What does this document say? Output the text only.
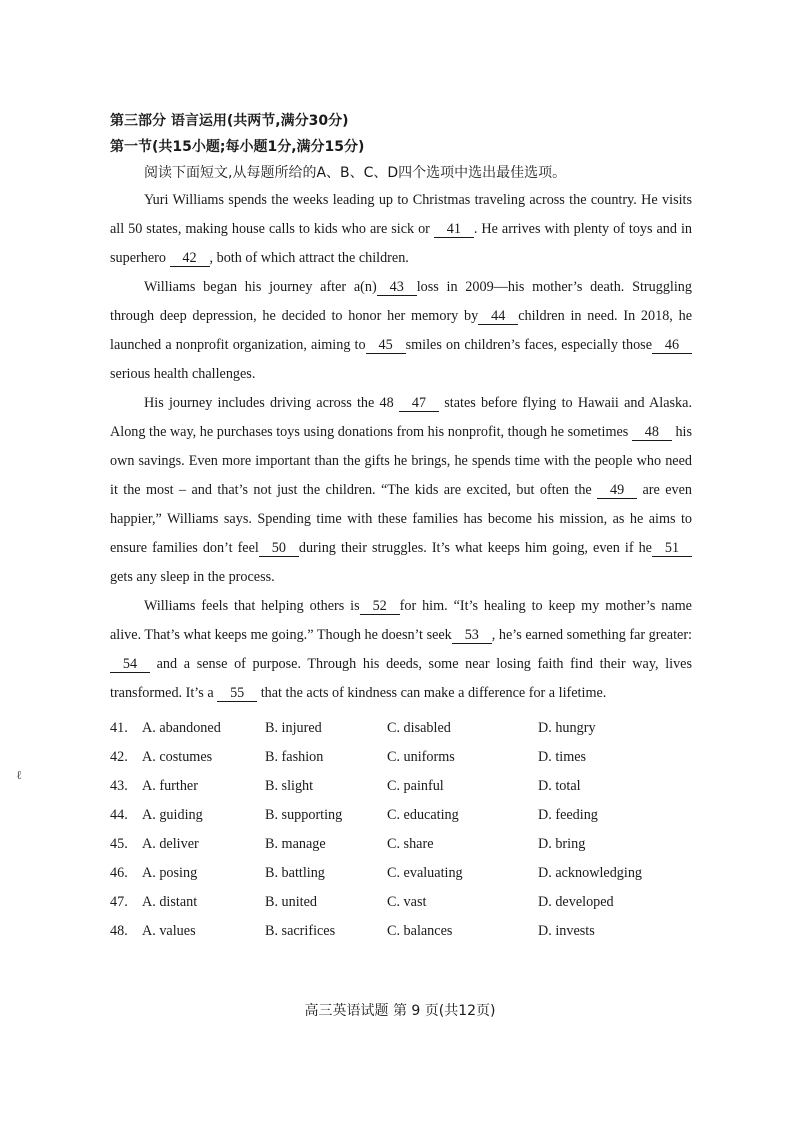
第三部分 语言运用(共两节,满分30分)

第一节(共15小题;每小题1分,满分15分)

阅读下面短文,从每题所给的A、B、C、D四个选项中选出最佳选项。

Yuri Williams spends the weeks leading up to Christmas traveling across the country. He visits all 50 states, making house calls to kids who are sick or 41 . He arrives with plenty of toys and in superhero 42 , both of which attract the children.

Williams began his journey after a(n) 43 loss in 2009—his mother’s death. Struggling through deep depression, he decided to honor her memory by 44 children in need. In 2018, he launched a nonprofit organization, aiming to 45 smiles on children’s faces, especially those 46serious health challenges.

His journey includes driving across the 48 47 states before flying to Hawaii and Alaska. Along the way, he purchases toys using donations from his nonprofit, though he sometimes 48 his own savings. Even more important than the gifts he brings, he spends time with the people who need it the most – and that’s not just the children. “The kids are excited, but often the 49 are even happier,” Williams says. Spending time with these families has become his mission, as he aims to ensure families don’t feel 50 during their struggles. It’s what keeps him going, even if he 51gets any sleep in the process.

Williams feels that helping others is 52 for him. “It’s healing to keep my mother’s name alive. That’s what keeps me going.” Though he doesn’t seek 53 , he’s earned something far greater: 54 and a sense of purpose. Through his deeds, some near losing faith find their way, lives transformed. It’s a 55 that the acts of kindness can make a difference for a lifetime.

41.	A. abandoned	B. injured	C. disabled	D. hungry
42.	A. costumes	B. fashion	C. uniforms	D. times
43.	A. further	B. slight	C. painful	D. total
44.	A. guiding	B. supporting	C. educating	D. feeding
45.	A. deliver	B. manage	C. share	D. bring
46.	A. posing	B. battling	C. evaluating	D. acknowledging
47.	A. distant	B. united	C. vast	D. developed
48.	A. values	B. sacrifices	C. balances	D. invests
ℓ
高三英语试题 第 9 页(共12页)
